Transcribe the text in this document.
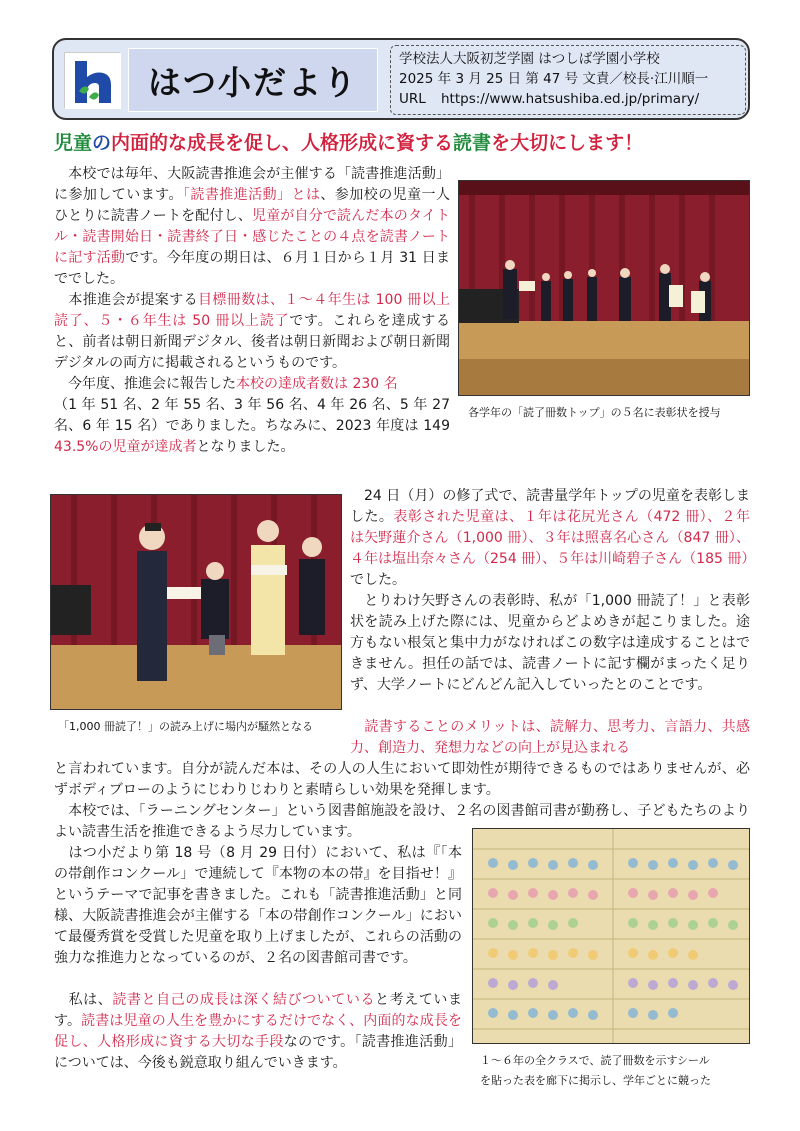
はつ小だより
学校法人大阪初芝学園 はつしば学園小学校
2025 年 3 月 25 日 第 47 号 文責／校長·江川順一
URL https://www.hatsushiba.ed.jp/primary/
児童の内面的な成長を促し、人格形成に資する読書を大切にします！
　本校では毎年、大阪読書推進会が主催する「読書推進活動」に参加しています。「読書推進活動」とは、参加校の児童一人ひとりに読書ノートを配付し、児童が自分で読んだ本のタイトル・読書開始日・読書終了日・感じたことの４点を読書ノートに記す活動です。今年度の期日は、６月１日から１月 31 日まででした。
　本推進会が提案する目標冊数は、１～４年生は 100 冊以上読了、５・６年生は 50 冊以上読了です。これらを達成すると、前者は朝日新聞デジタル、後者は朝日新聞および朝日新聞デジタルの両方に掲載されるというものです。
　今年度、推進会に報告した本校の達成者数は 230 名
（1 年 51 名、2 年 55 名、3 年 56 名、4 年 26 名、5 年 27 名、6 年 15 名）でありました。ちなみに、2023 年度は 149
43.5%の児童が達成者となりました。
各学年の「読了冊数トップ」の５名に表彰状を授与
「1,000 冊読了！」の読み上げに場内が騒然となる
　24 日（月）の修了式で、読書量学年トップの児童を表彰しました。表彰された児童は、１年は花尻光さん（472 冊）、２年は矢野蓮介さん（1,000 冊）、３年は照喜名心さん（847 冊）、４年は塩出奈々さん（254 冊）、５年は川崎碧子さん（185 冊）でした。
　とりわけ矢野さんの表彰時、私が「1,000 冊読了！」と表彰状を読み上げた際には、児童からどよめきが起こりました。途方もない根気と集中力がなければこの数字は達成することはできません。担任の話では、読書ノートに記す欄がまったく足りず、大学ノートにどんどん記入していったとのことです。
　読書することのメリットは、読解力、思考力、言語力、共感力、創造力、発想力などの向上が見込まれる
と言われています。自分が読んだ本は、その人の人生において即効性が期待できるものではありませんが、必ずボディブローのようにじわりじわりと素晴らしい効果を発揮します。
　本校では、「ラーニングセンター」という図書館施設を設け、２名の図書館司書が勤務し、子どもたちのよりよい読書生活を推進できるよう尽力しています。
　はつ小だより第 18 号（8 月 29 日付）において、私は『「本の帯創作コンクール」で連続して『本物の本の帯』を目指せ！』というテーマで記事を書きました。これも「読書推進活動」と同様、大阪読書推進会が主催する「本の帯創作コンクール」において最優秀賞を受賞した児童を取り上げましたが、これらの活動の強力な推進力となっているのが、２名の図書館司書です。
　私は、読書と自己の成長は深く結びついていると考えています。読書は児童の人生を豊かにするだけでなく、内面的な成長を促し、人格形成に資する大切な手段なのです。「読書推進活動」については、今後も鋭意取り組んでいきます。	１～６年の全クラスで、読了冊数を示すシール
を貼った表を廊下に掲示し、学年ごとに競った
